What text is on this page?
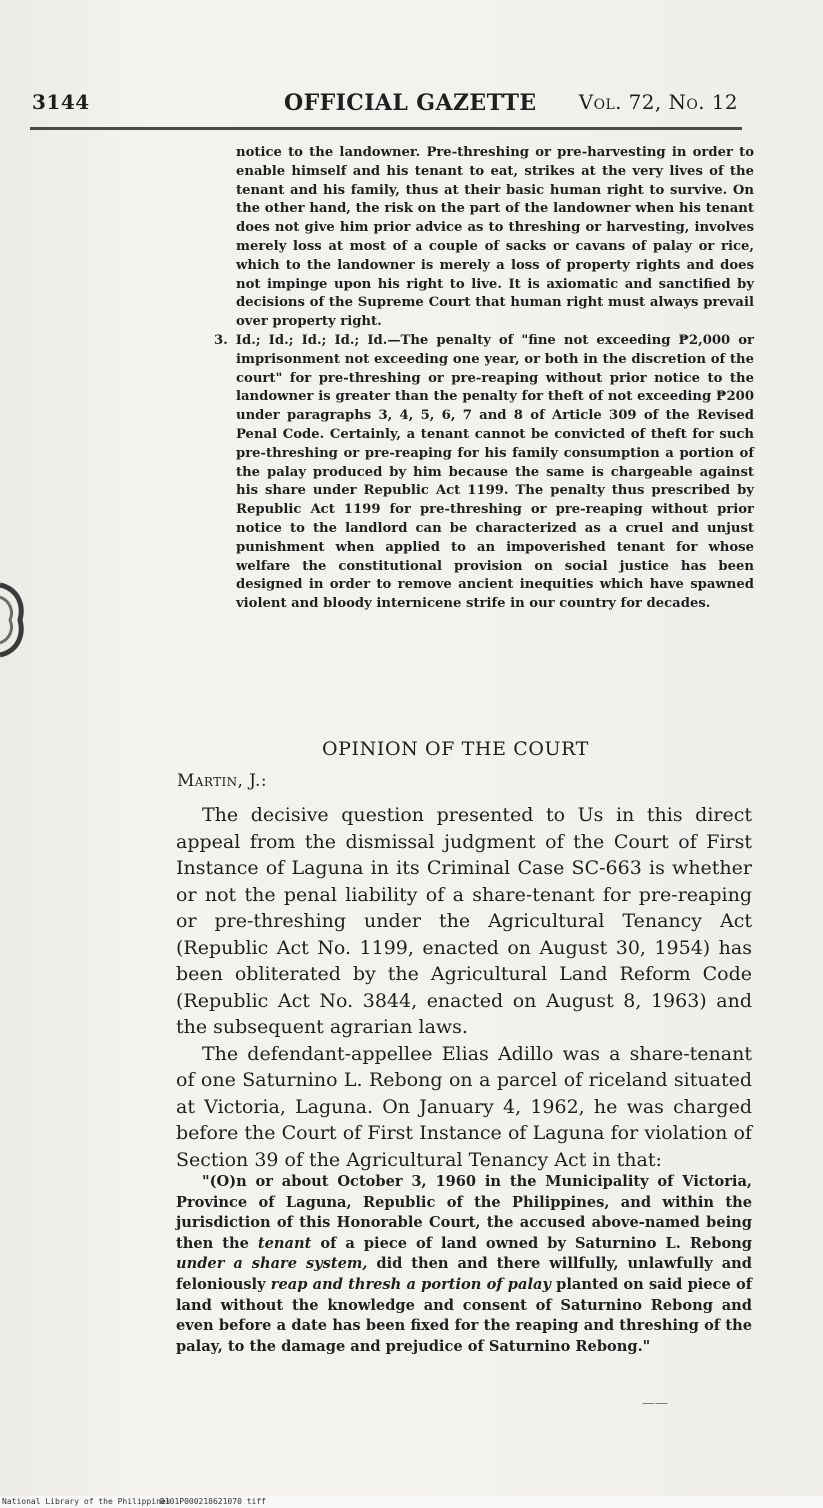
3144	OFFICIAL GAZETTE Vol. 72, No. 12

notice to the landowner. Pre-threshing or pre-harvesting in order to enable himself and his tenant to eat, strikes at the very lives of the tenant and his family, thus at their basic human right to survive. On the other hand, the risk on the part of the landowner when his tenant does not give him prior advice as to threshing or harvesting, involves merely loss at most of a couple of sacks or cavans of palay or rice, which to the landowner is merely a loss of property rights and does not impinge upon his right to live. It is axiomatic and sanctified by decisions of the Supreme Court that human right must always prevail over property right.

3. Id.; Id.; Id.; Id.; Id.—The penalty of "fine not exceeding ₱2,000 or imprisonment not exceeding one year, or both in the discretion of the court" for pre-threshing or pre-reaping without prior notice to the landowner is greater than the penalty for theft of not exceeding ₱200 under paragraphs 3, 4, 5, 6, 7 and 8 of Article 309 of the Revised Penal Code. Certainly, a tenant cannot be convicted of theft for such pre-threshing or pre-reaping for his family consumption a portion of the palay produced by him because the same is chargeable against his share under Republic Act 1199. The penalty thus prescribed by Republic Act 1199 for pre-threshing or pre-reaping without prior notice to the landlord can be characterized as a cruel and unjust punishment when applied to an impoverished tenant for whose welfare the constitutional provision on social justice has been designed in order to remove ancient inequities which have spawned violent and bloody internicene strife in our country for decades.

OPINION OF THE COURT
Martin, J.:

The decisive question presented to Us in this direct appeal from the dismissal judgment of the Court of First Instance of Laguna in its Criminal Case SC-663 is whether or not the penal liability of a share-tenant for pre-reaping or pre-threshing under the Agricultural Tenancy Act (Republic Act No. 1199, enacted on August 30, 1954) has been obliterated by the Agricultural Land Reform Code (Republic Act No. 3844, enacted on August 8, 1963) and the subsequent agrarian laws.

The defendant-appellee Elias Adillo was a share-tenant of one Saturnino L. Rebong on a parcel of riceland situated at Victoria, Laguna. On January 4, 1962, he was charged before the Court of First Instance of Laguna for violation of Section 39 of the Agricultural Tenancy Act in that:

"(O)n or about October 3, 1960 in the Municipality of Victoria, Province of Laguna, Republic of the Philippines, and within the jurisdiction of this Honorable Court, the accused above-named being then the tenant of a piece of land owned by Saturnino L. Rebong under a share system, did then and there willfully, unlawfully and feloniously reap and thresh a portion of palay planted on said piece of land without the knowledge and consent of Saturnino Rebong and even before a date has been fixed for the reaping and threshing of the palay, to the damage and prejudice of Saturnino Rebong."

——
National Library of the Philippines
D101P000218621070 tiff
